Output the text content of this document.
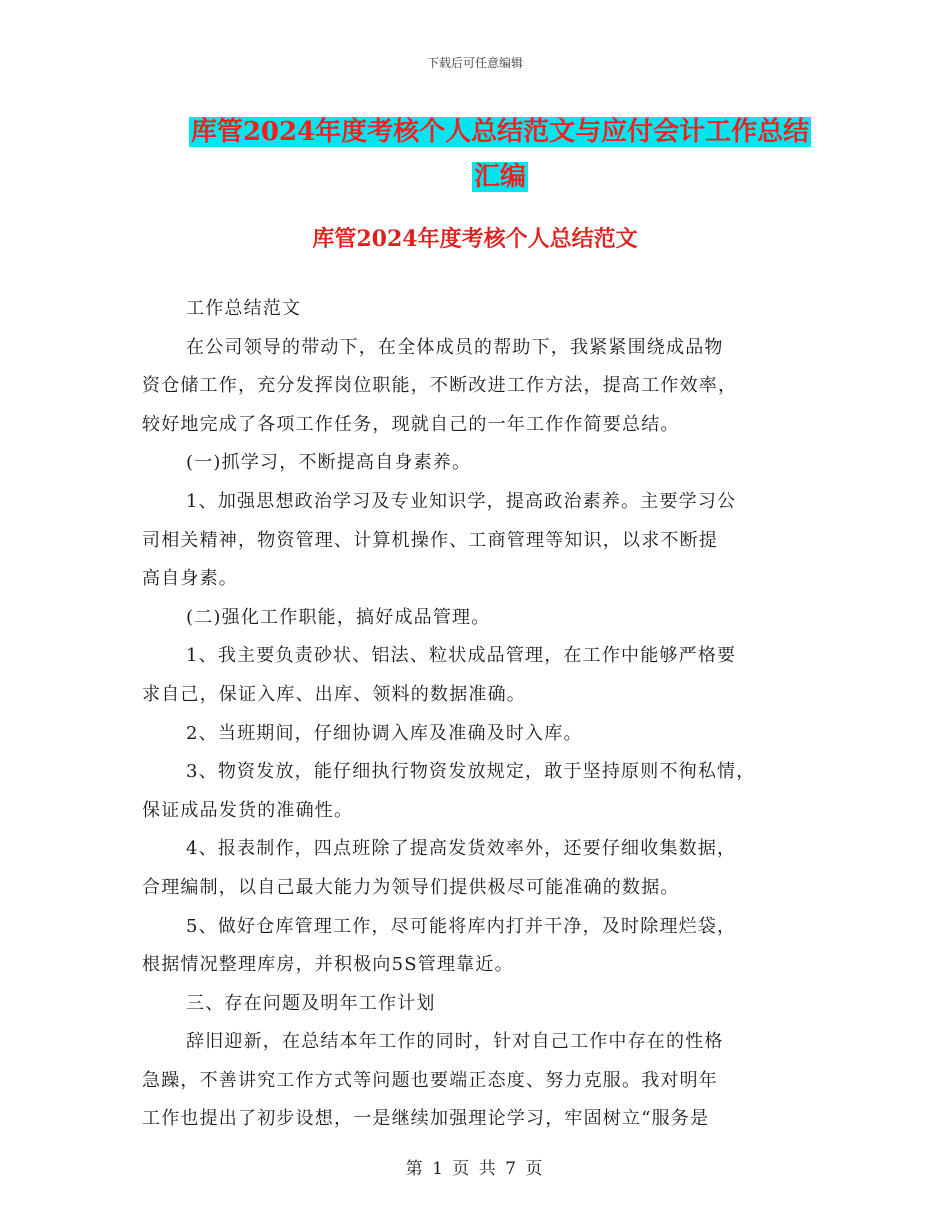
下载后可任意编辑
库管2024年度考核个人总结范文与应付会计工作总结
汇编
库管2024年度考核个人总结范文

工作总结范文

在公司领导的带动下，在全体成员的帮助下，我紧紧围绕成品物
资仓储工作，充分发挥岗位职能，不断改进工作方法，提高工作效率，
较好地完成了各项工作任务，现就自己的一年工作作简要总结。

(一)抓学习，不断提高自身素养。

1、加强思想政治学习及专业知识学，提高政治素养。主要学习公
司相关精神，物资管理、计算机操作、工商管理等知识，以求不断提
高自身素。

(二)强化工作职能，搞好成品管理。

1、我主要负责砂状、铝法、粒状成品管理，在工作中能够严格要
求自己，保证入库、出库、领料的数据准确。

2、当班期间，仔细协调入库及准确及时入库。

3、物资发放，能仔细执行物资发放规定，敢于坚持原则不徇私情，
保证成品发货的准确性。

4、报表制作，四点班除了提高发货效率外，还要仔细收集数据，
合理编制，以自己最大能力为领导们提供极尽可能准确的数据。

5、做好仓库管理工作，尽可能将库内打并干净，及时除理烂袋，
根据情况整理库房，并积极向5S管理靠近。

三、存在问题及明年工作计划

辞旧迎新，在总结本年工作的同时，针对自己工作中存在的性格
急躁，不善讲究工作方式等问题也要端正态度、努力克服。我对明年
工作也提出了初步设想，一是继续加强理论学习，牢固树立“服务是

第 1 页 共 7 页
